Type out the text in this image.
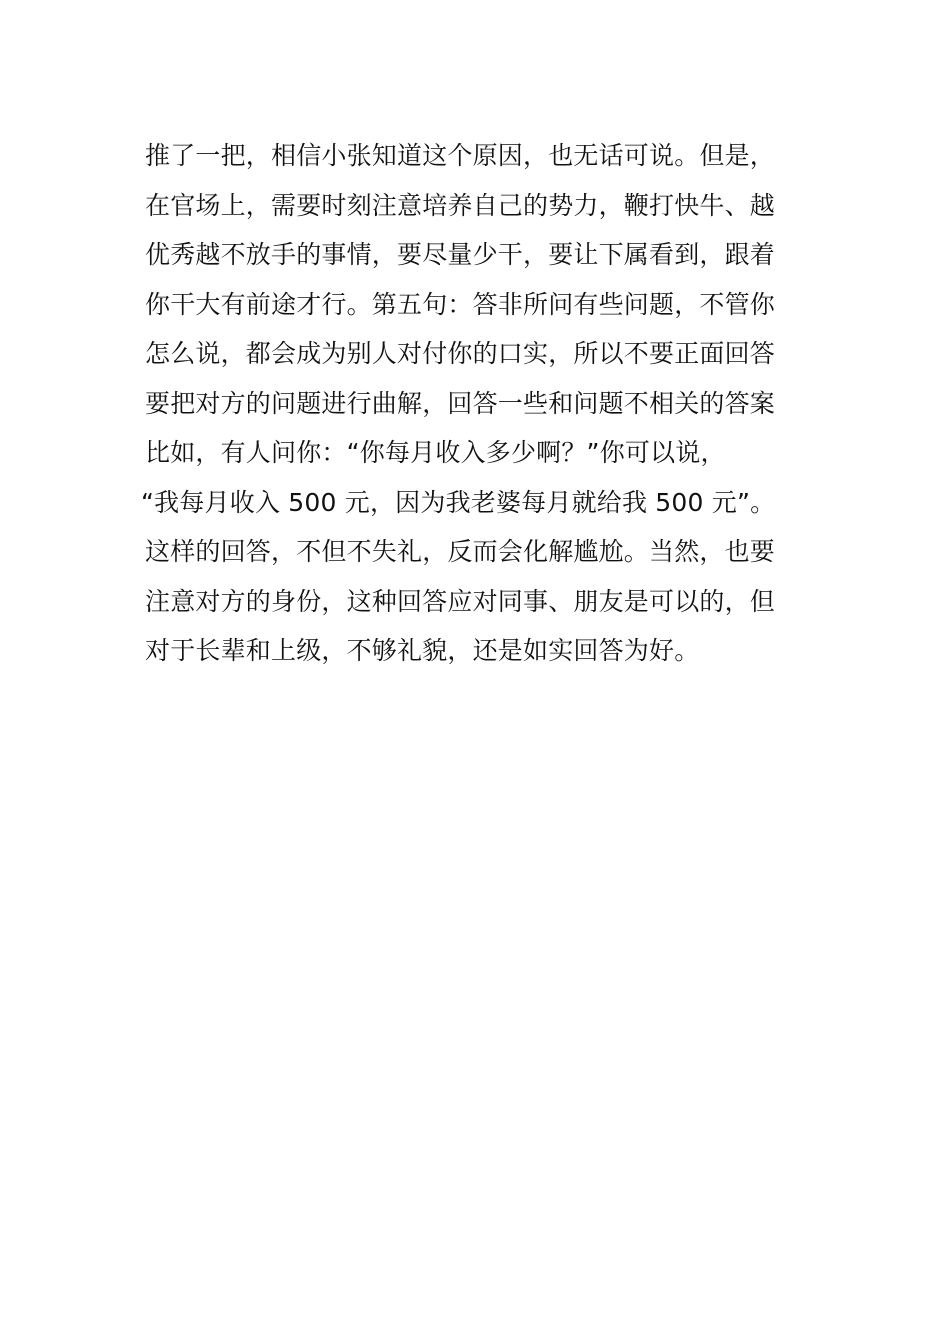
推了一把，相信小张知道这个原因，也无话可说。但是，
在官场上，需要时刻注意培养自己的势力，鞭打快牛、越
优秀越不放手的事情，要尽量少干，要让下属看到，跟着
你干大有前途才行。第五句：答非所问有些问题，不管你
怎么说，都会成为别人对付你的口实，所以不要正面回答
要把对方的问题进行曲解，回答一些和问题不相关的答案
比如，有人问你：“你每月收入多少啊？”你可以说，
“我每月收入 500 元，因为我老婆每月就给我 500 元”。
这样的回答，不但不失礼，反而会化解尴尬。当然，也要
注意对方的身份，这种回答应对同事、朋友是可以的，但
对于长辈和上级，不够礼貌，还是如实回答为好。
